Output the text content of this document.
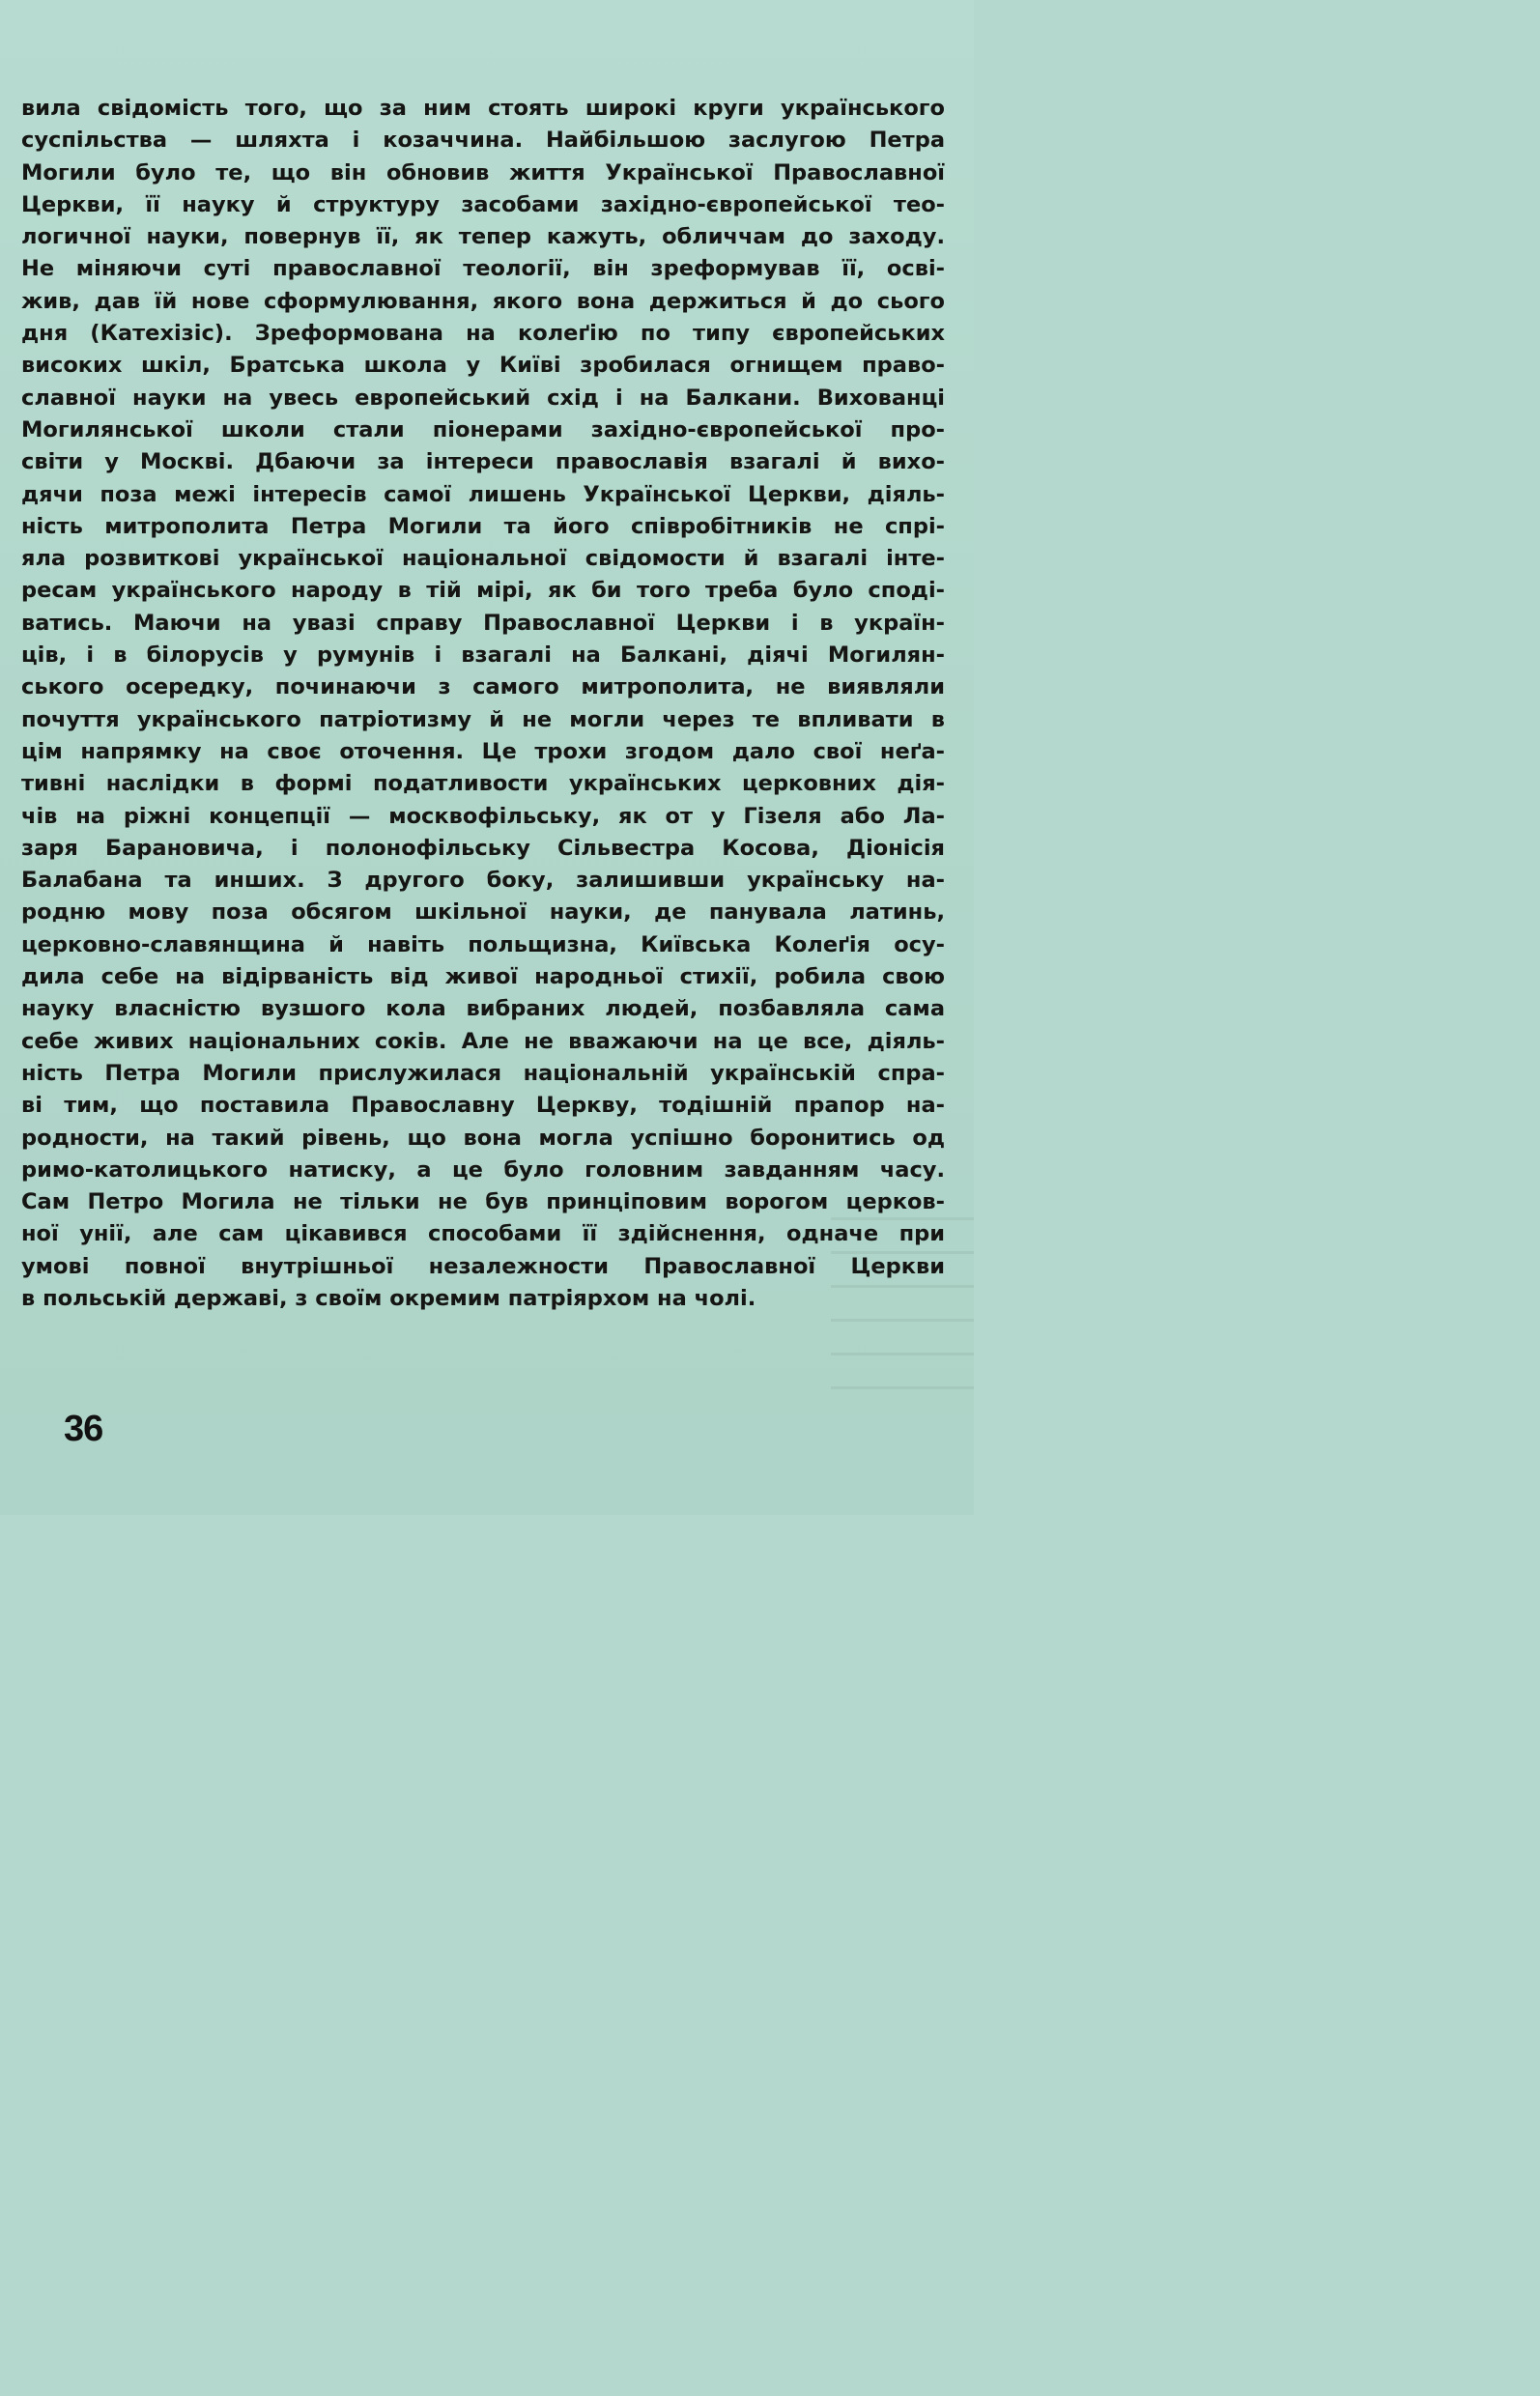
вила свідомість того, що за ним стоять широкі круги українського
суспільства — шляхта і козаччина. Найбільшою заслугою Петра
Могили було те, що він обновив життя Української Православної
Церкви, її науку й структуру засобами західно-європейської тео-
логичної науки, повернув її, як тепер кажуть, обличчам до заходу.
Не міняючи суті православної теології, він зреформував її, осві-
жив, дав їй нове сформулювання, якого вона держиться й до сього
дня (Катехізіс). Зреформована на колеґію по типу європейських
високих шкіл, Братська школа у Київі зробилася огнищем право-
славної науки на увесь европейський схід і на Балкани. Вихованці
Могилянської школи стали піонерами західно-європейської про-
світи у Москві. Дбаючи за інтереси православія взагалі й вихо-
дячи поза межі інтересів самої лишень Української Церкви, діяль-
ність митрополита Петра Могили та його співробітників не спрі-
яла розвиткові української національної свідомости й взагалі інте-
ресам українського народу в тій мірі, як би того треба було споді-
ватись. Маючи на увазі справу Православної Церкви і в україн-
ців, і в білорусів у румунів і взагалі на Балкані, діячі Могилян-
ського осередку, починаючи з самого митрополита, не виявляли
почуття українського патріотизму й не могли через те впливати в
цім напрямку на своє оточення. Це трохи згодом дало свої неґа-
тивні наслідки в формі податливости українських церковних дія-
чів на ріжні концепції — москвофільську, як от у Гізеля або Ла-
заря Барановича, і полонофільську Сільвестра Косова, Діонісія
Балабана та инших. З другого боку, залишивши українську на-
родню мову поза обсягом шкільної науки, де панувала латинь,
церковно-славянщина й навіть польщизна, Київська Колеґія осу-
дила себе на відірваність від живої народньої стихії, робила свою
науку власністю вузшого кола вибраних людей, позбавляла сама
себе живих національних соків. Але не вважаючи на це все, діяль-
ність Петра Могили прислужилася національній українській спра-
ві тим, що поставила Православну Церкву, тодішній прапор на-
родности, на такий рівень, що вона могла успішно боронитись од
римо-католицького натиску, а це було головним завданням часу.
Сам Петро Могила не тільки не був принціповим ворогом церков-
ної унії, але сам цікавився способами її здійснення, одначе при
умові повної внутрішньої незалежности Православної Церкви
в польській державі, з своїм окремим патріярхом на чолі.
36
